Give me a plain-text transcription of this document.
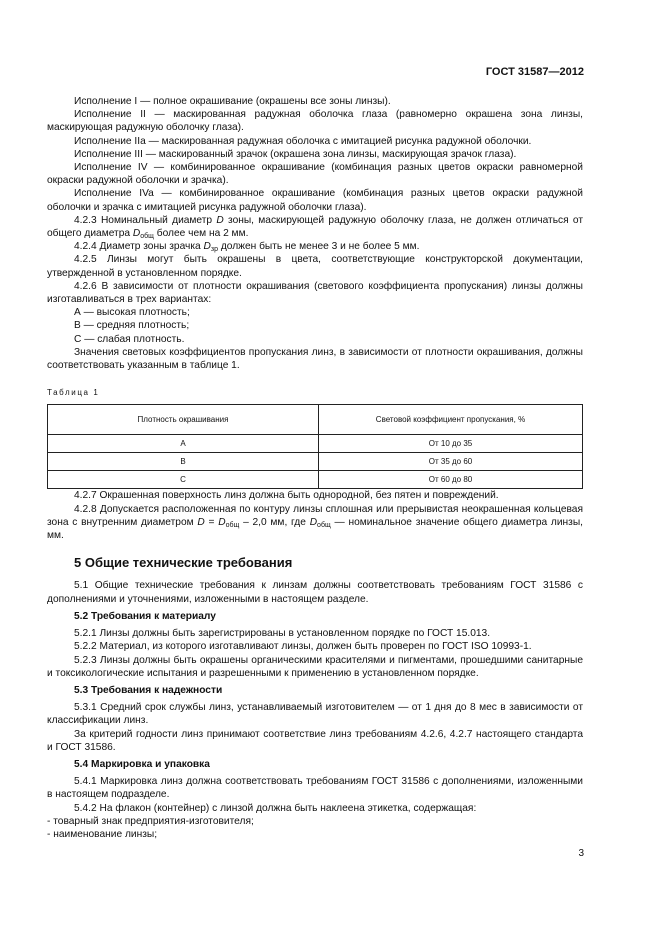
ГОСТ 31587—2012

Исполнение I — полное окрашивание (окрашены все зоны линзы).

Исполнение II — маскированная радужная оболочка глаза (равномерно окрашена зона линзы, маскирующая радужную оболочку глаза).

Исполнение IIa — маскированная радужная оболочка с имитацией рисунка радужной оболочки.

Исполнение III — маскированный зрачок (окрашена зона линзы, маскирующая зрачок глаза).

Исполнение IV — комбинированное окрашивание (комбинация разных цветов окраски равномерной окраски радужной оболочки и зрачка).

Исполнение IVa — комбинированное окрашивание (комбинация разных цветов окраски радужной оболочки и зрачка с имитацией рисунка радужной оболочки глаза).

4.2.3 Номинальный диаметр D зоны, маскирующей радужную оболочку глаза, не должен отличаться от общего диаметра $D_{общ}$ более чем на 2 мм.

4.2.4 Диаметр зоны зрачка $D_{зр}$ должен быть не менее 3 и не более 5 мм.

4.2.5 Линзы могут быть окрашены в цвета, соответствующие конструкторской документации, утвержденной в установленном порядке.

4.2.6 В зависимости от плотности окрашивания (светового коэффициента пропускания) линзы должны изготавливаться в трех вариантах:

А — высокая плотность;

В — средняя плотность;

С — слабая плотность.

Значения световых коэффициентов пропускания линз, в зависимости от плотности окрашивания, должны соответствовать указанным в таблице 1.

Таблица 1
Плотность окрашивания	Световой коэффициент пропускания, %
А	От 10 до 35
В	От 35 до 60
С	От 60 до 80

4.2.7 Окрашенная поверхность линз должна быть однородной, без пятен и повреждений.

4.2.8 Допускается расположенная по контуру линзы сплошная или прерывистая неокрашенная кольцевая зона с внутренним диаметром $D = D_{общ} - 2,0$ мм, где $D_{общ}$ — номинальное значение общего диаметра линзы, мм.

5 Общие технические требования

5.1 Общие технические требования к линзам должны соответствовать требованиям ГОСТ 31586 с дополнениями и уточнениями, изложенными в настоящем разделе.

5.2 Требования к материалу

5.2.1 Линзы должны быть зарегистрированы в установленном порядке по ГОСТ 15.013.

5.2.2 Материал, из которого изготавливают линзы, должен быть проверен по ГОСТ ISO 10993-1.

5.2.3 Линзы должны быть окрашены органическими красителями и пигментами, прошедшими санитарные и токсикологические испытания и разрешенными к применению в установленном порядке.

5.3 Требования к надежности

5.3.1 Средний срок службы линз, устанавливаемый изготовителем — от 1 дня до 8 мес в зависимости от классификации линз.

За критерий годности линз принимают соответствие линз требованиям 4.2.6, 4.2.7 настоящего стандарта и ГОСТ 31586.

5.4 Маркировка и упаковка

5.4.1 Маркировка линз должна соответствовать требованиям ГОСТ 31586 с дополнениями, изложенными в настоящем подразделе.

5.4.2 На флакон (контейнер) с линзой должна быть наклеена этикетка, содержащая:

- товарный знак предприятия-изготовителя;

- наименование линзы;

3
